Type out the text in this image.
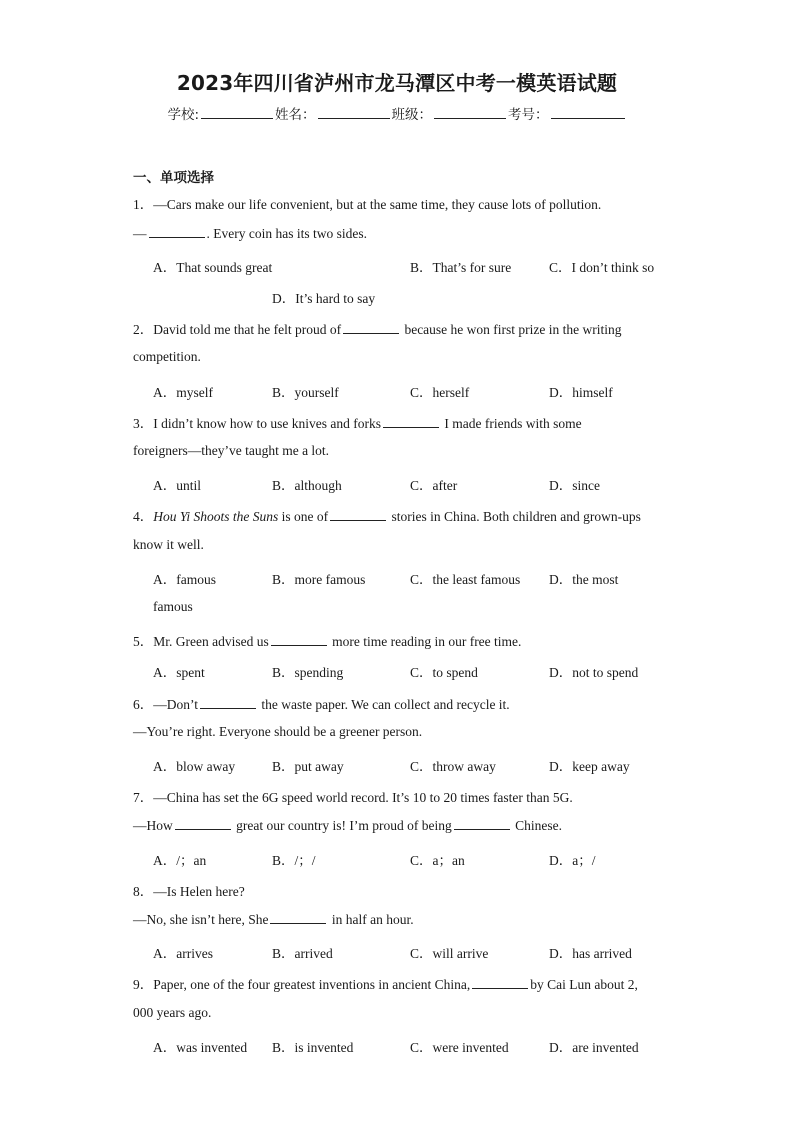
2023年四川省泸州市龙马潭区中考一模英语试题
学校:	姓名：	班级：	考号：
一、单项选择
1．—Cars make our life convenient, but at the same time, they cause lots of pollution.
—	. Every coin has its two sides.
A．That sounds great	B．That’s for sure	C．I don’t think so
D．It’s hard to say
2．David told me that he felt proud of	because he won first prize in the writing
competition.
A．myself	B．yourself	C．herself	D．himself
3．I didn’t know how to use knives and forks	I made friends with some
foreigners—they’ve taught me a lot.
A．until	B．although	C．after	D．since
4．Hou Yi Shoots the Suns is one of	stories in China. Both children and grown-ups
know it well.
A．famous	B．more famous	C．the least famous D．the most
famous
5．Mr. Green advised us	more time reading in our free time.
A．spent	B．spending	C．to spend	D．not to spend
6．—Don’t	the waste paper. We can collect and recycle it.
—You’re right. Everyone should be a greener person.
A．blow away	B．put away	C．throw away	D．keep away
7．—China has set the 6G speed world record. It’s 10 to 20 times faster than 5G.
—How	great our country is! I’m proud of being	Chinese.
A．/；an	B．/；/	C．a；an	D．a；/
8．—Is Helen here?
—No, she isn’t here, She	in half an hour.
A．arrives	B．arrived	C．will arrive	D．has arrived
9．Paper, one of the four greatest inventions in ancient China,	by Cai Lun about 2,
000 years ago.
A．was invented B．is invented	C．were invented	D．are invented
